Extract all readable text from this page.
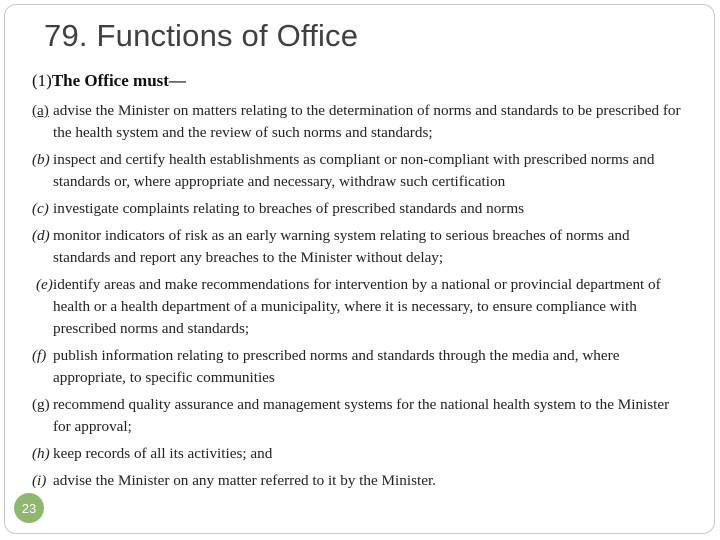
79. Functions of Office
(1)The Office must—
(a) advise the Minister on matters relating to the determination of norms and standards to be prescribed for the health system and the review of such norms and standards;
(b) inspect and certify health establishments as compliant or non-compliant with prescribed norms and standards or, where appropriate and necessary, withdraw such certification
(c) investigate complaints relating to breaches of prescribed standards and norms
(d) monitor indicators of risk as an early warning system relating to serious breaches of norms and standards and report any breaches to the Minister without delay;
(e) identify areas and make recommendations for intervention by a national or provincial department of health or a health department of a municipality, where it is necessary, to ensure compliance with prescribed norms and standards;
(f) publish information relating to prescribed norms and standards through the media and, where appropriate, to specific communities
(g) recommend quality assurance and management systems for the national health system to the Minister for approval;
(h) keep records of all its activities; and
(i) advise the Minister on any matter referred to it by the Minister.
23
